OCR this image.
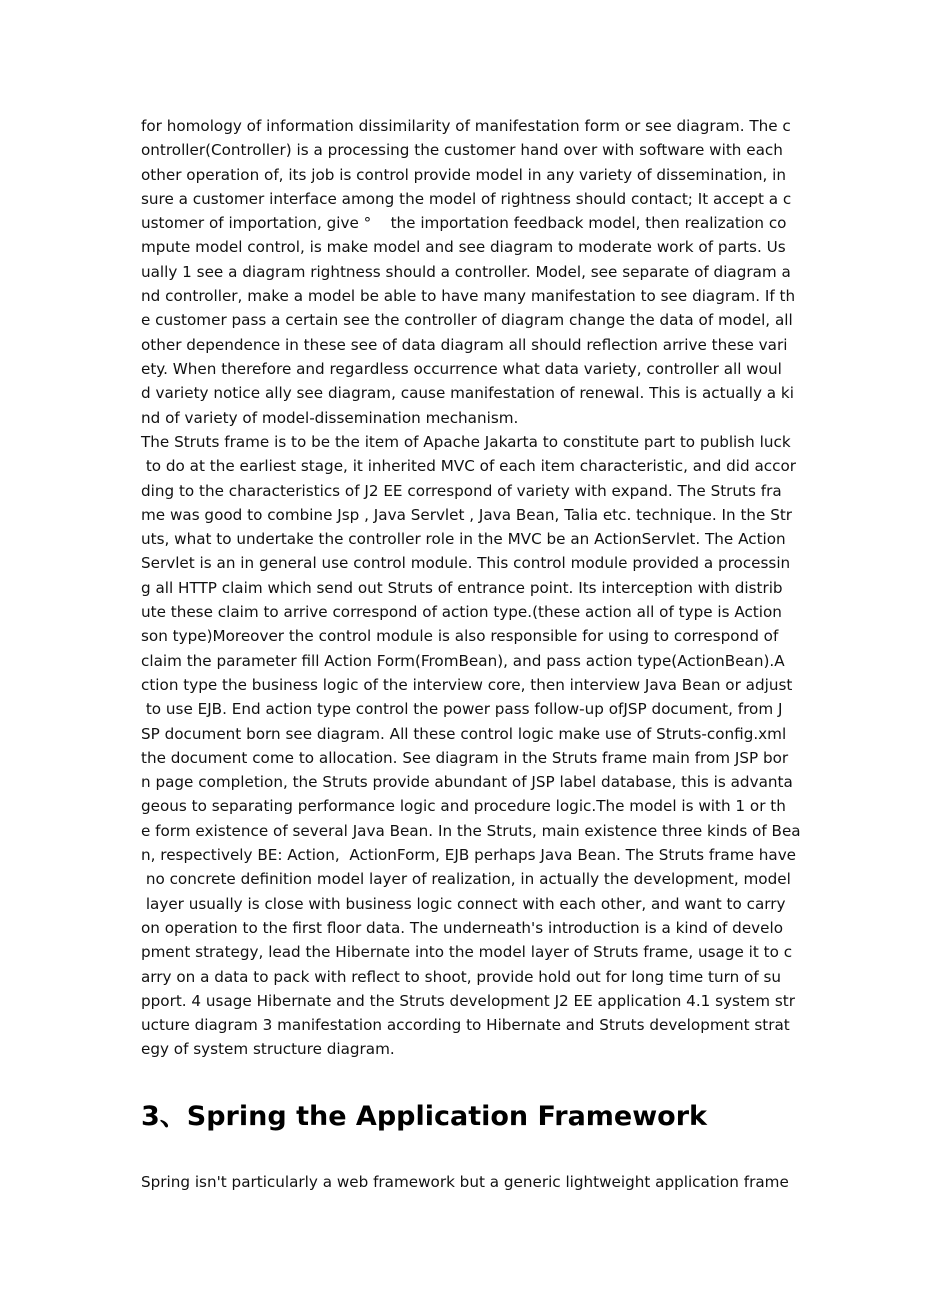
for homology of information dissimilarity of manifestation form or see diagram. The c
ontroller(Controller) is a processing the customer hand over with software with each
other operation of, its job is control provide model in any variety of dissemination, in
sure a customer interface among the model of rightness should contact; It accept a c
ustomer of importation, give °    the importation feedback model, then realization co
mpute model control, is make model and see diagram to moderate work of parts. Us
ually 1 see a diagram rightness should a controller. Model, see separate of diagram a
nd controller, make a model be able to have many manifestation to see diagram. If th
e customer pass a certain see the controller of diagram change the data of model, all
other dependence in these see of data diagram all should reflection arrive these vari
ety. When therefore and regardless occurrence what data variety, controller all woul
d variety notice ally see diagram, cause manifestation of renewal. This is actually a ki
nd of variety of model-dissemination mechanism.
The Struts frame is to be the item of Apache Jakarta to constitute part to publish luck
to do at the earliest stage, it inherited MVC of each item characteristic, and did accor
ding to the characteristics of J2 EE correspond of variety with expand. The Struts fra
me was good to combine Jsp , Java Servlet , Java Bean, Talia etc. technique. In the Str
uts, what to undertake the controller role in the MVC be an ActionServlet. The Action
Servlet is an in general use control module. This control module provided a processin
g all HTTP claim which send out Struts of entrance point. Its interception with distrib
ute these claim to arrive correspond of action type.(these action all of type is Action
son type)Moreover the control module is also responsible for using to correspond of
claim the parameter fill Action Form(FromBean), and pass action type(ActionBean).A
ction type the business logic of the interview core, then interview Java Bean or adjust
to use EJB. End action type control the power pass follow-up ofJSP document, from J
SP document born see diagram. All these control logic make use of Struts-config.xml
the document come to allocation. See diagram in the Struts frame main from JSP bor
n page completion, the Struts provide abundant of JSP label database, this is advanta
geous to separating performance logic and procedure logic.The model is with 1 or th
e form existence of several Java Bean. In the Struts, main existence three kinds of Bea
n, respectively BE: Action,  ActionForm, EJB perhaps Java Bean. The Struts frame have
no concrete definition model layer of realization, in actually the development, model
layer usually is close with business logic connect with each other, and want to carry
on operation to the first floor data. The underneath's introduction is a kind of develo
pment strategy, lead the Hibernate into the model layer of Struts frame, usage it to c
arry on a data to pack with reflect to shoot, provide hold out for long time turn of su
pport. 4 usage Hibernate and the Struts development J2 EE application 4.1 system str
ucture diagram 3 manifestation according to Hibernate and Struts development strat
egy of system structure diagram.
3、Spring the Application Framework
Spring isn't particularly a web framework but a generic lightweight application frame
